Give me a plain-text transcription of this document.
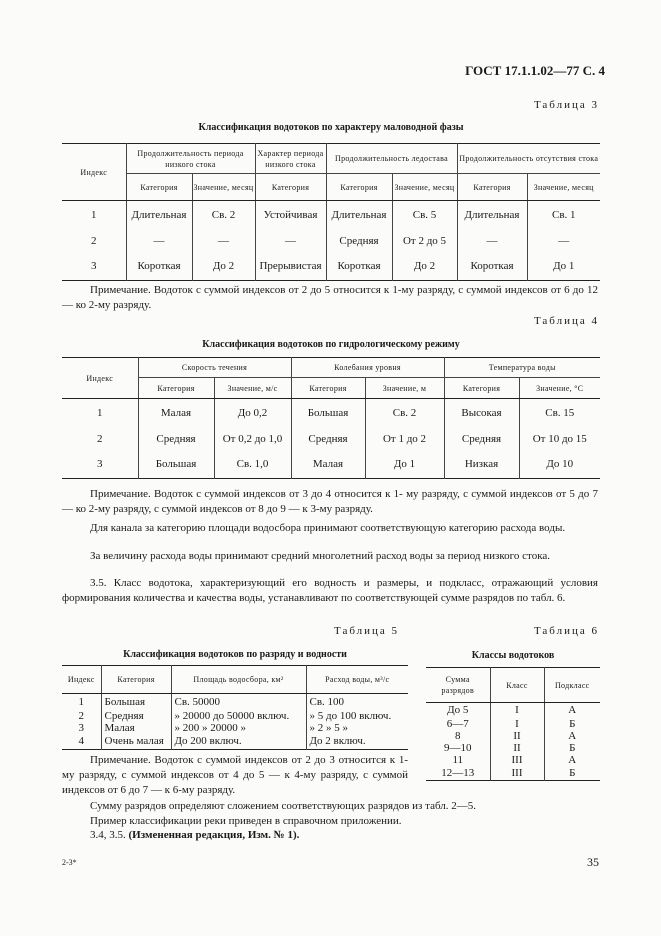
ГОСТ 17.1.1.02—77 С. 4
Таблица 3
Классификация водотоков по характеру маловодной фазы
Индекс	Продолжительность периода низкого стока		Характер периода низкого стока	Продолжительность ледостава		Продолжительность отсутствия стока	
	Категория	Значение, месяц	Категория	Категория	Значение, месяц	Категория	Значение, месяц
1	Длительная	Св. 2	Устойчивая	Длительная	Св. 5	Длительная	Св. 1
2	—	—	—	Средняя	От 2 до 5	—	—
3	Короткая	До 2	Прерывистая	Короткая	До 2	Короткая	До 1
Примечание. Водоток с суммой индексов от 2 до 5 относится к 1-му разряду, с суммой индексов от 6 до 12 — ко 2-му разряду.
Таблица 4
Классификация водотоков по гидрологическому режиму
Индекс	Скорость течения		Колебания уровня		Температура воды	
	Категория	Значение, м/с	Категория	Значение, м	Категория	Значение, °С
1	Малая	До 0,2	Большая	Св. 2	Высокая	Св. 15
2	Средняя	От 0,2 до 1,0	Средняя	От 1 до 2	Средняя	От 10 до 15
3	Большая	Св. 1,0	Малая	До 1	Низкая	До 10
Примечание. Водоток с суммой индексов от 3 до 4 относится к 1- му разряду, с суммой индексов от 5 до 7— ко 2-му разряду, с суммой индексов от 8 до 9 — к 3-му разряду.
Для канала за категорию площади водосбора принимают соответствующую категорию расхода воды.
За величину расхода воды принимают средний многолетний расход воды за период низкого стока.
3.5. Класс водотока, характеризующий его водность и размеры, и подкласс, отражающий условия формирования количества и качества воды, устанавливают по соответствующей сумме разрядов по табл. 6.
Таблица 5
Классификация водотоков по разряду и водности
Индекс	Категория	Площадь водосбора, км²	Расход воды, м³/с
1	Большая	Св. 50000	Св. 100
2	Средняя	» 20000 до 50000 включ.	» 5 до 100 включ.
3	Малая	» 200 » 20000 »	» 2 » 5 »
4	Очень малая	До 200 включ.	До 2 включ.
Примечание. Водоток с суммой индексов от 2 до 3 относится к 1-му разряду, с суммой индексов от 4 до 5 — к 4-му разряду, с суммой индексов от 6 до 7 — к 6-му разряду.
Таблица 6
Классы водотоков
Сумма разрядов	Класс	Подкласс
До 5	I	А
6—7	I	Б
8	II	А
9—10	II	Б
11	III	А
12—13	III	Б
Сумму разрядов определяют сложением соответствующих разрядов из табл. 2—5.
Пример классификации реки приведен в справочном приложении.
3.4, 3.5. (Измененная редакция, Изм. № 1).
2-3*	35
